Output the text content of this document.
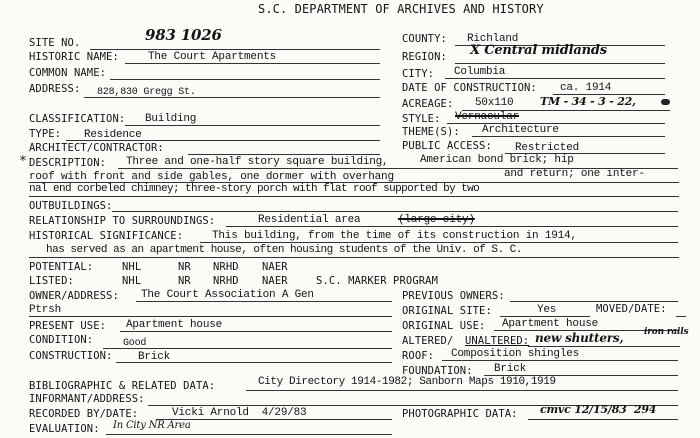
S.C. DEPARTMENT OF ARCHIVES AND HISTORY
SITE NO.	983 1026
HISTORIC NAME:	The Court Apartments
COMMON NAME:
ADDRESS: 828,830 Gregg St.
CLASSIFICATION: Building
TYPE: Residence
ARCHITECT/CONTRACTOR:
COUNTY: Richland
REGION: X Central midlands
CITY: Columbia
DATE OF CONSTRUCTION: ca. 1914
ACREAGE: 50x110 TM - 34 - 3 - 22,
STYLE: Vernacular
THEME(S): Architecture
PUBLIC ACCESS: Restricted
* DESCRIPTION: Three and one-half story square building,	American bond brick; hip
roof with front and side gables, one dormer with overhang	and return; one inter-
nal end corbeled chimney; three-story porch with flat roof supported by two
OUTBUILDINGS:
RELATIONSHIP TO SURROUNDINGS:	Residential area	(large city)
HISTORICAL SIGNIFICANCE:	This building, from the time of its construction in 1914,
has served as an apartment house, often housing students of the Univ. of S. C.
POTENTIAL:	NHL	NR NRHD NAER
LISTED:	NHL	NR NRHD NAER	S.C. MARKER PROGRAM
OWNER/ADDRESS: The Court Association A Gen
Ptrsh
PREVIOUS OWNERS:
ORIGINAL SITE:	Yes	MOVED/DATE:
PRESENT USE: Apartment house	ORIGINAL USE: Apartment house
CONDITION:	Good	ALTERED/ UNALTERED: new shutters, iron rails
CONSTRUCTION: Brick	ROOF: Composition shingles
FOUNDATION: Brick
BIBLIOGRAPHIC & RELATED DATA:	City Directory 1914-1982; Sanborn Maps 1910,1919
INFORMANT/ADDRESS:
RECORDED BY/DATE:	Vicki Arnold  4/29/83	PHOTOGRAPHIC DATA: cmvc 12/15/83  294
EVALUATION: In City NR Area
